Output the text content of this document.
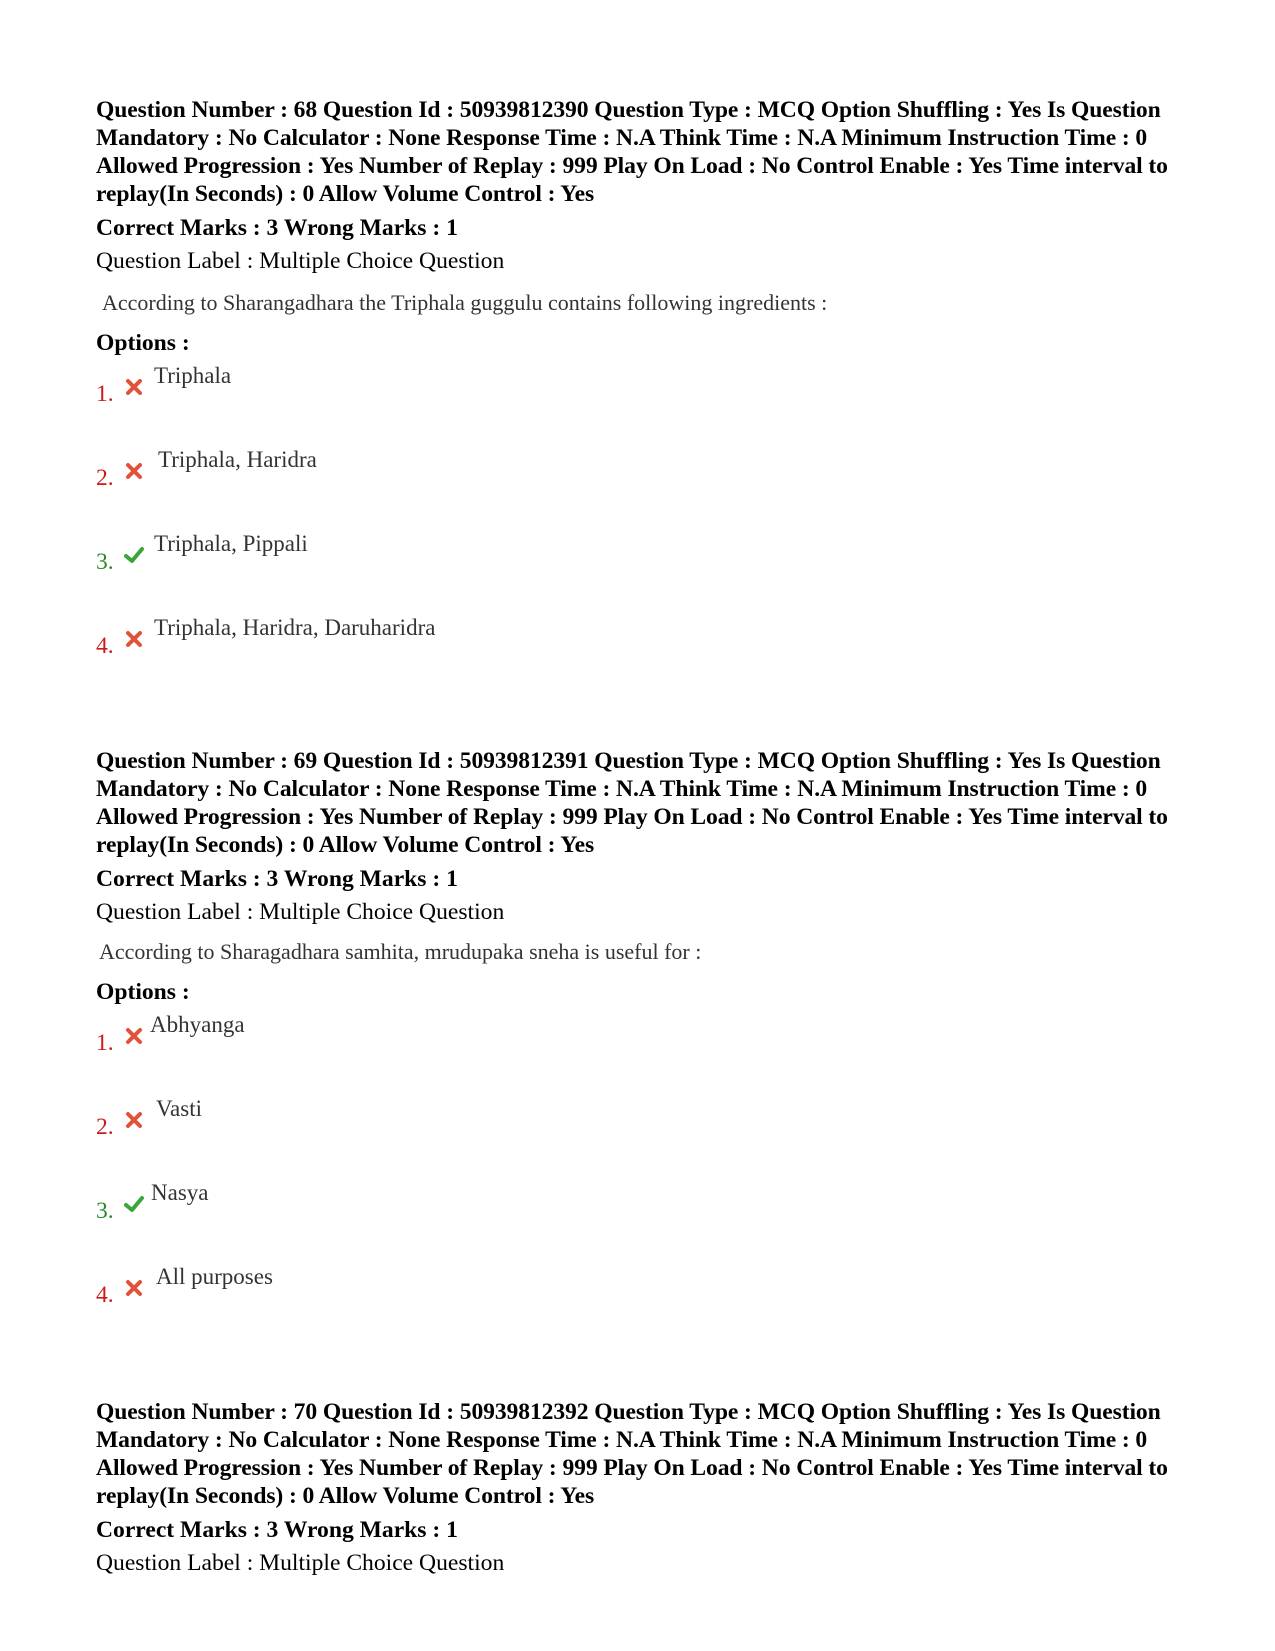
Question Number : 68 Question Id : 50939812390 Question Type : MCQ Option Shuffling : Yes Is Question Mandatory : No Calculator : None Response Time : N.A Think Time : N.A Minimum Instruction Time : 0 Allowed Progression : Yes Number of Replay : 999 Play On Load : No Control Enable : Yes Time interval to replay(In Seconds) : 0 Allow Volume Control : Yes

Correct Marks : 3 Wrong Marks : 1
Question Label : Multiple Choice Question
According to Sharangadhara the Triphala guggulu contains following ingredients :
Options :
1.
Triphala
2.
Triphala, Haridra
3.
Triphala, Pippali
4.
Triphala, Haridra, Daruharidra

Question Number : 69 Question Id : 50939812391 Question Type : MCQ Option Shuffling : Yes Is Question Mandatory : No Calculator : None Response Time : N.A Think Time : N.A Minimum Instruction Time : 0 Allowed Progression : Yes Number of Replay : 999 Play On Load : No Control Enable : Yes Time interval to replay(In Seconds) : 0 Allow Volume Control : Yes

Correct Marks : 3 Wrong Marks : 1
Question Label : Multiple Choice Question
According to Sharagadhara samhita, mrudupaka sneha is useful for :
Options :
1.
Abhyanga
2.
Vasti
3.
Nasya
4.
All purposes

Question Number : 70 Question Id : 50939812392 Question Type : MCQ Option Shuffling : Yes Is Question Mandatory : No Calculator : None Response Time : N.A Think Time : N.A Minimum Instruction Time : 0 Allowed Progression : Yes Number of Replay : 999 Play On Load : No Control Enable : Yes Time interval to replay(In Seconds) : 0 Allow Volume Control : Yes

Correct Marks : 3 Wrong Marks : 1
Question Label : Multiple Choice Question
